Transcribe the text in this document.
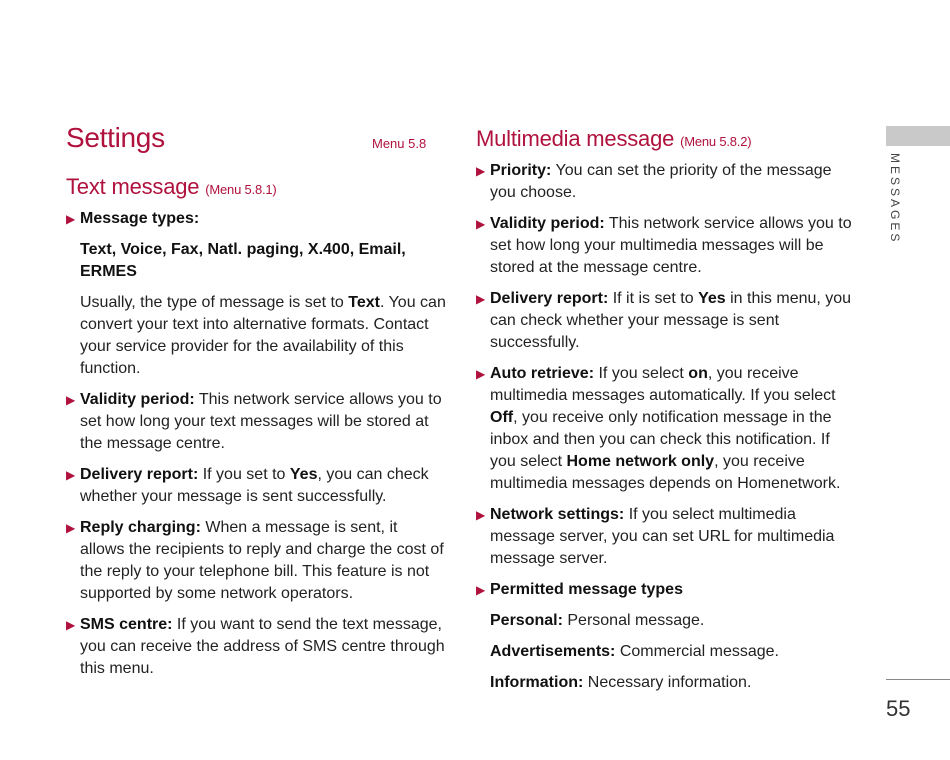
Settings	Menu 5.8
Text message (Menu 5.8.1)
▶ Message types:
Text, Voice, Fax, Natl. paging, X.400, Email, ERMES
Usually, the type of message is set to Text. You can convert your text into alternative formats. Contact your service provider for the availability of this function.
▶ Validity period: This network service allows you to set how long your text messages will be stored at the message centre.
▶ Delivery report: If you set to Yes, you can check whether your message is sent successfully.
▶ Reply charging: When a message is sent, it allows the recipients to reply and charge the cost of the reply to your telephone bill. This feature is not supported by some network operators.
▶ SMS centre: If you want to send the text message, you can receive the address of SMS centre through this menu.
Multimedia message (Menu 5.8.2)
▶ Priority: You can set the priority of the message you choose.
▶ Validity period: This network service allows you to set how long your multimedia messages will be stored at the message centre.
▶ Delivery report: If it is set to Yes in this menu, you can check whether your message is sent successfully.
▶ Auto retrieve: If you select on, you receive multimedia messages automatically. If you select Off, you receive only notification message in the inbox and then you can check this notification. If you select Home network only, you receive multimedia messages depends on Homenetwork.
▶ Network settings: If you select multimedia message server, you can set URL for multimedia message server.
▶ Permitted message types
Personal: Personal message.
Advertisements: Commercial message.
Information: Necessary information.
MESSAGES
55
